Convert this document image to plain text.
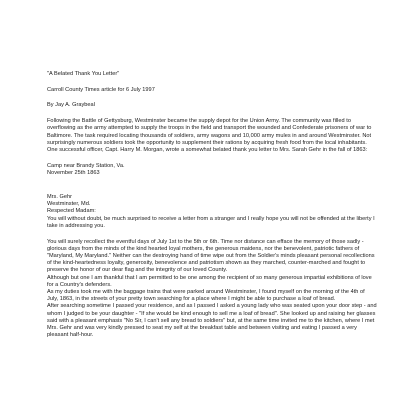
"A Belated Thank You Letter"

Carroll County Times article for 6 July 1997

By Jay A. Graybeal

Following the Battle of Gettysburg, Westminster became the supply depot for the Union Army. The community was filled to overflowing as the army attempted to supply the troops in the field and transport the wounded and Confederate prisoners of war to Baltimore. The task required locating thousands of soldiers, army wagons and 10,000 army mules in and around Westminster. Not surprisingly numerous soldiers took the opportunity to supplement their rations by acquiring fresh food from the local inhabitants. One successful officer, Capt. Harry M. Morgan, wrote a somewhat belated thank you letter to Mrs. Sarah Gehr in the fall of 1863:

Camp near Brandy Station, Va.

November 25th 1863

Mrs. Gehr

Westminster, Md.

Respected Madam:

You will without doubt, be much surprised to receive a letter from a stranger and I really hope you will not be offended at the liberty I take in addressing you.

You will surely recollect the eventful days of July 1st to the 5th or 6th. Time nor distance can efface the memory of those sadly - glorious days from the minds of the kind hearted loyal mothers, the generous maidens, nor the benevolent, patriotic fathers of "Maryland, My Maryland." Neither can the destroying hand of time wipe out from the Soldier's minds pleasant personal recollections of the kind-heartedness loyalty, generosity, benevolence and patriotism shown as they marched, counter-marched and fought to preserve the honor of our dear flag and the integrity of our loved County.

Although but one I am thankful that I am permitted to be one among the recipient of so many generous impartial exhibitions of love for a Country's defenders.

As my duties took me with the baggage trains that were parked around Westminster, I found myself on the morning of the 4th of July, 1863, in the streets of your pretty town searching for a place where I might be able to purchase a loaf of bread.

After searching sometime I passed your residence, and as I passed I asked a young lady who was seated upon your door step - and whom I judged to be your daughter - "If she would be kind enough to sell me a loaf of bread". She looked up and raising her glasses said with a pleasant emphasis "No Sir, I can't sell any bread to soldiers" but, at the same time invited me to the kitchen, where I met Mrs. Gehr and was very kindly pressed to seat my self at the breakfast table and between visiting and eating I passed a very pleasant half-hour.
